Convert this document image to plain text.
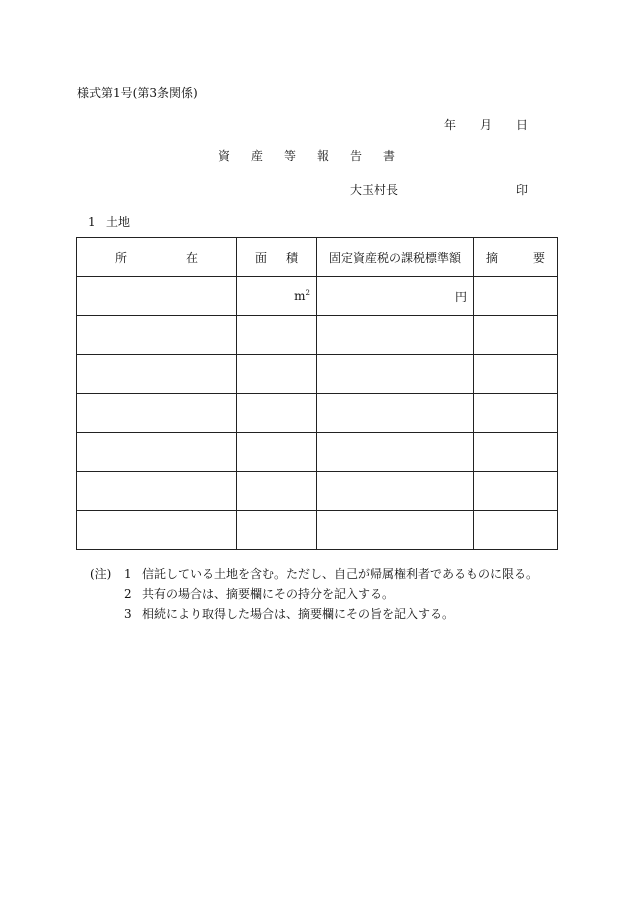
様式第1号(第3条関係)
年 月 日
資 産 等 報 告 書
大玉村長	印
1 土地
所 在	面 積	固定資産税の課税標準額	摘 要

	$m^2$	円	

(注) 1 信託している土地を含む。ただし、自己が帰属権利者であるものに限る。
2 共有の場合は、摘要欄にその持分を記入する。
3 相続により取得した場合は、摘要欄にその旨を記入する。
